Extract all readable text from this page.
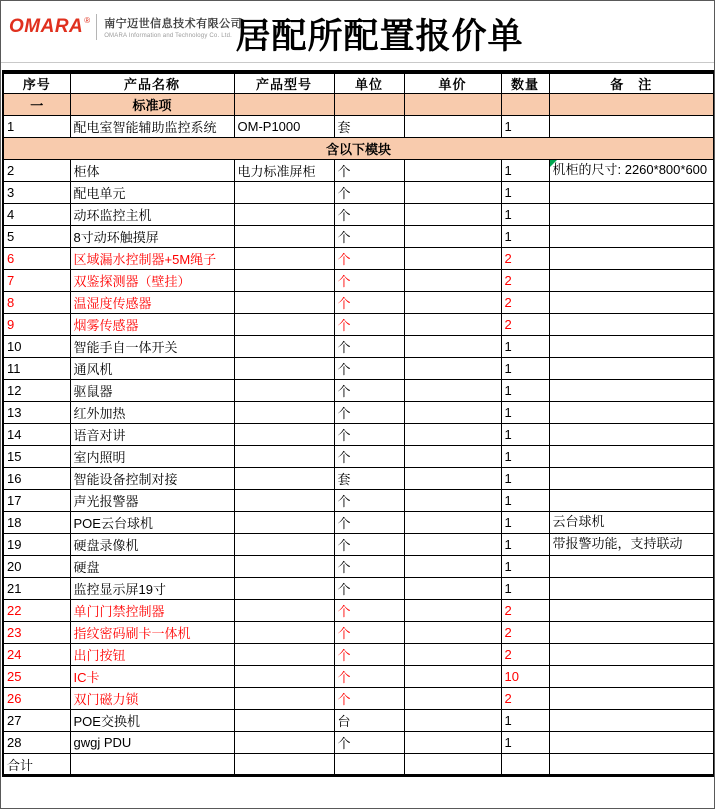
OMARA ® 南宁迈世信息技术有限公司
OMARA Information and Technology Co. Ltd. 居配所配置报价单
序号	产品名称	产品型号	单位	单价	数量	备　注
一	标准项					
1	配电室智能辅助监控系统	OM-P1000	套		1	
含以下模块						
2	柜体	电力标准屏柜	个		1	机柜的尺寸: 2260*800*600
3	配电单元		个		1	
4	动环监控主机		个		1	
5	8寸动环触摸屏		个		1	
6	区域漏水控制器+5M绳子		个		2	
7	双鉴探测器（壁挂）		个		2	
8	温湿度传感器		个		2	
9	烟雾传感器		个		2	
10	智能手自一体开关		个		1	
11	通风机		个		1	
12	驱鼠器		个		1	
13	红外加热		个		1	
14	语音对讲		个		1	
15	室内照明		个		1	
16	智能设备控制对接		套		1	
17	声光报警器		个		1	
18	POE云台球机		个		1	云台球机
19	硬盘录像机		个		1	带报警功能，支持联动
20	硬盘		个		1	
21	监控显示屏19寸		个		1	
22	单门门禁控制器		个		2	
23	指纹密码刷卡一体机		个		2	
24	出门按钮		个		2	
25	IC卡		个		10	
26	双门磁力锁		个		2	
27	POE交换机		台		1	
28	gwgj PDU		个		1	
合计						
